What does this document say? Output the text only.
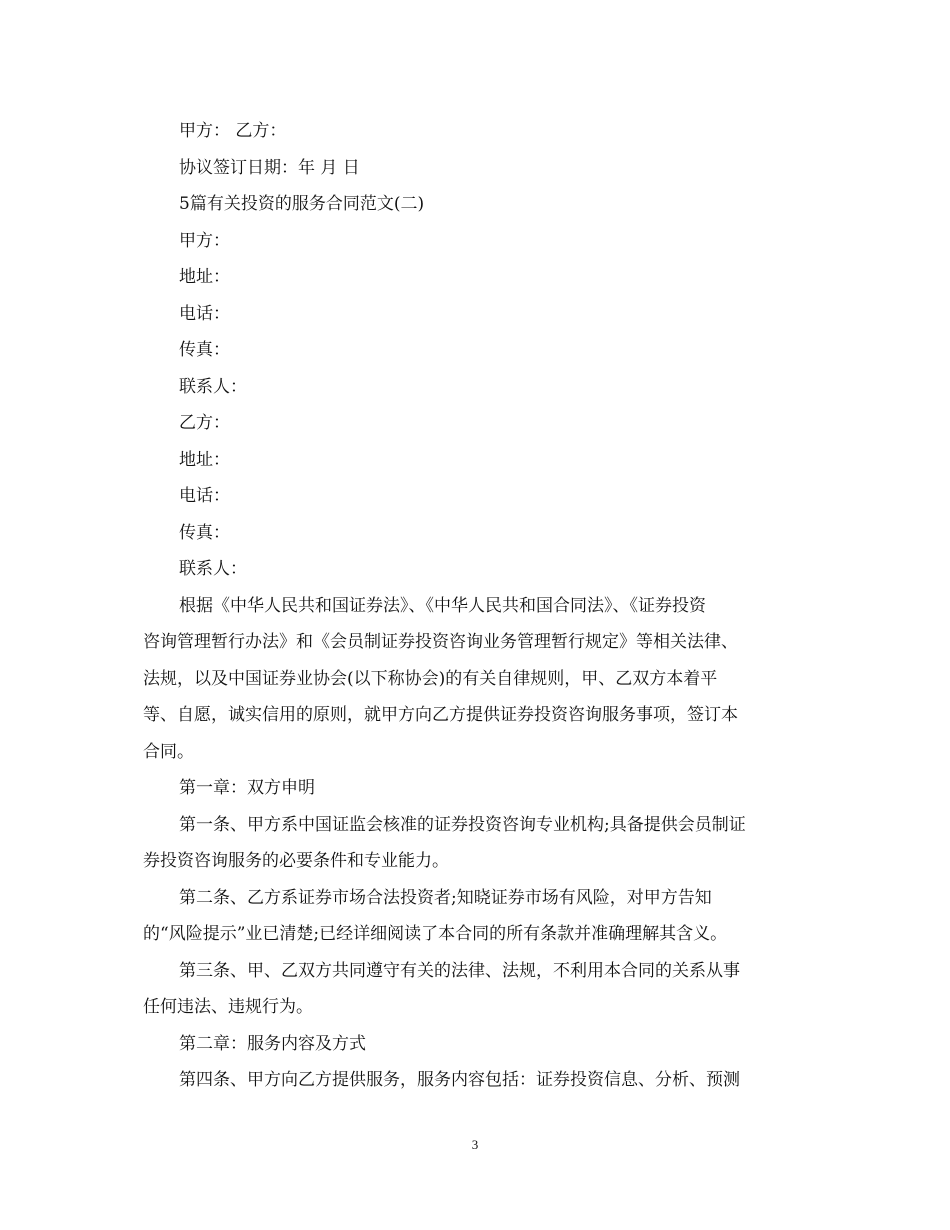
甲方： 乙方：
协议签订日期：年 月 日
5篇有关投资的服务合同范文(二)
甲方：
地址：
电话：
传真：
联系人：
乙方：
地址：
电话：
传真：
联系人：
根据《中华人民共和国证券法》、《中华人民共和国合同法》、《证券投资
咨询管理暂行办法》和《会员制证券投资咨询业务管理暂行规定》等相关法律、
法规，以及中国证券业协会(以下称协会)的有关自律规则，甲、乙双方本着平
等、自愿，诚实信用的原则，就甲方向乙方提供证券投资咨询服务事项，签订本
合同。
第一章：双方申明
第一条、甲方系中国证监会核准的证券投资咨询专业机构;具备提供会员制证
券投资咨询服务的必要条件和专业能力。
第二条、乙方系证券市场合法投资者;知晓证券市场有风险，对甲方告知
的“风险提示”业已清楚;已经详细阅读了本合同的所有条款并准确理解其含义。
第三条、甲、乙双方共同遵守有关的法律、法规，不利用本合同的关系从事
任何违法、违规行为。
第二章：服务内容及方式
第四条、甲方向乙方提供服务，服务内容包括：证券投资信息、分析、预测
3
